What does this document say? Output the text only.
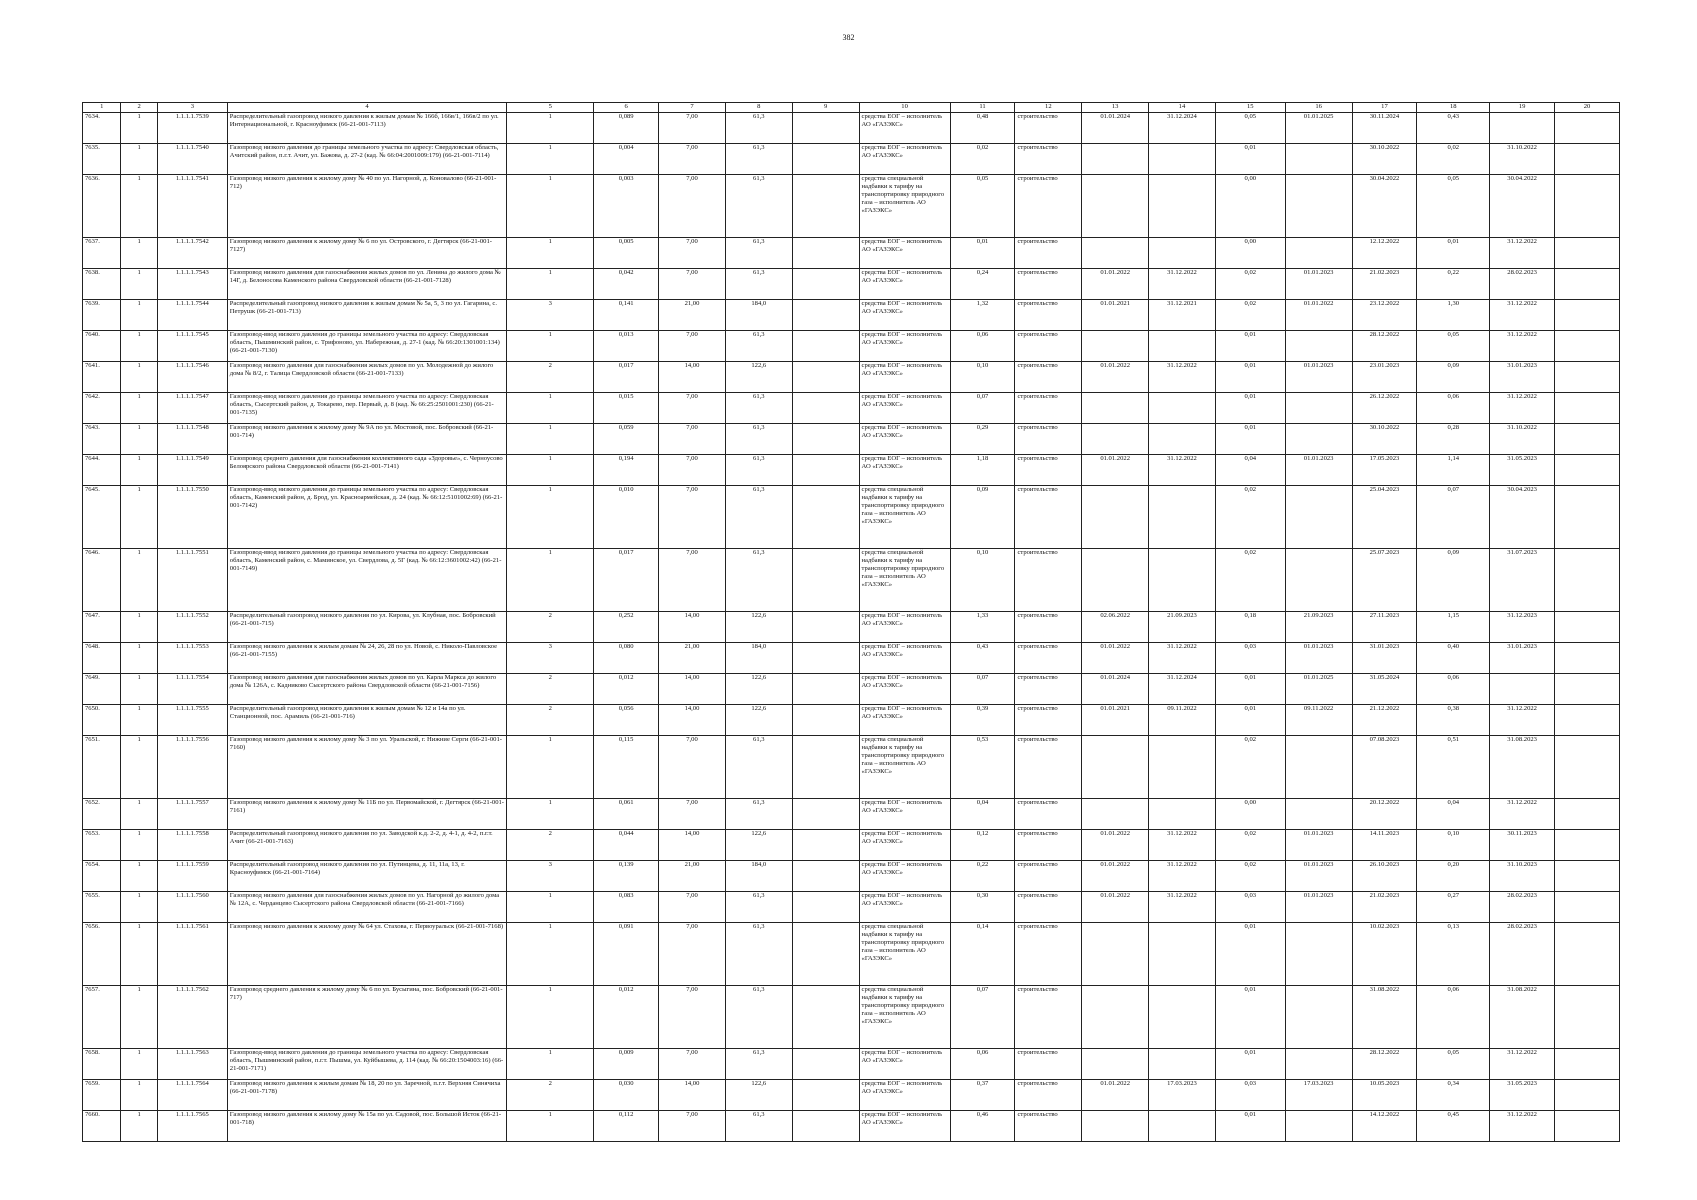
382
1	2	3	4	5	6	7	8	9	10	11	12	13	14	15	16	17	18	19	20
7634.	1	1.1.1.1.7539	Распределительный газопровод низкого давления к жилым домам № 166б, 166в/1, 166в/2 по ул. Интернациональной, г. Красноуфимск (66-21-001-7113)	1	0,089	7,00	61,3		средства ЕОГ – исполнитель АО «ГАЗЭКС»	0,48	строительство	01.01.2024	31.12.2024	0,05	01.01.2025	30.11.2024	0,43		
7635.	1	1.1.1.1.7540	Газопровод низкого давления до границы земельного участка по адресу: Свердловская область, Ачитский район, п.г.т. Ачит, ул. Бажова, д. 27-2 (кад. № 66:04:2001009:179) (66-21-001-7114)	1	0,004	7,00	61,3		средства ЕОГ – исполнитель АО «ГАЗЭКС»	0,02	строительство			0,01		30.10.2022	0,02	31.10.2022	
7636.	1	1.1.1.1.7541	Газопровод низкого давления к жилому дому № 40 по ул. Нагорной, д. Коновалово (66-21-001-712)	1	0,003	7,00	61,3		средства специальной надбавки к тарифу на транспортировку природного газа – исполнитель АО «ГАЗЭКС»	0,05	строительство			0,00		30.04.2022	0,05	30.04.2022	
7637.	1	1.1.1.1.7542	Газопровод низкого давления к жилому дому № 6 по ул. Островского, г. Дегтярск (66-21-001-7127)	1	0,005	7,00	61,3		средства ЕОГ – исполнитель АО «ГАЗЭКС»	0,01	строительство			0,00		12.12.2022	0,01	31.12.2022	
7638.	1	1.1.1.1.7543	Газопровод низкого давления для газоснабжения жилых домов по ул. Ленина до жилого дома № 14Г, д. Белоносова Каменского района Свердловской области (66-21-001-7128)	1	0,042	7,00	61,3		средства ЕОГ – исполнитель АО «ГАЗЭКС»	0,24	строительство	01.01.2022	31.12.2022	0,02	01.01.2023	21.02.2023	0,22	28.02.2023	
7639.	1	1.1.1.1.7544	Распределительный газопровод низкого давления к жилым домам № 5а, 5, 3 по ул. Гагарина, с. Петрушк (66-21-001-713)	3	0,141	21,00	184,0		средства ЕОГ – исполнитель АО «ГАЗЭКС»	1,32	строительство	01.01.2021	31.12.2021	0,02	01.01.2022	23.12.2022	1,30	31.12.2022	
7640.	1	1.1.1.1.7545	Газопровод-ввод низкого давления до границы земельного участка по адресу: Свердловская область, Пышминский район, с. Трифоново, ул. Набережная, д. 27-1 (кад. № 66:20:1301001:134) (66-21-001-7130)	1	0,013	7,00	61,3		средства ЕОГ – исполнитель АО «ГАЗЭКС»	0,06	строительство			0,01		28.12.2022	0,05	31.12.2022	
7641.	1	1.1.1.1.7546	Газопровод низкого давления для газоснабжения жилых домов по ул. Молодежной до жилого дома № 8/2, г. Талица Свердловской области (66-21-001-7133)	2	0,017	14,00	122,6		средства ЕОГ – исполнитель АО «ГАЗЭКС»	0,10	строительство	01.01.2022	31.12.2022	0,01	01.01.2023	23.01.2023	0,09	31.01.2023	
7642.	1	1.1.1.1.7547	Газопровод-ввод низкого давления до границы земельного участка по адресу: Свердловская область, Сысертский район, д. Токарево, пер. Первый, д. 8 (кад. № 66:25:2501001:230) (66-21-001-7135)	1	0,015	7,00	61,3		средства ЕОГ – исполнитель АО «ГАЗЭКС»	0,07	строительство			0,01		26.12.2022	0,06	31.12.2022	
7643.	1	1.1.1.1.7548	Газопровод низкого давления к жилому дому № 9А по ул. Мостовой, пос. Бобровский (66-21-001-714)	1	0,059	7,00	61,3		средства ЕОГ – исполнитель АО «ГАЗЭКС»	0,29	строительство			0,01		30.10.2022	0,28	31.10.2022	
7644.	1	1.1.1.1.7549	Газопровод среднего давления для газоснабжения коллективного сада «Здоровье», с. Черноусово Белоярского района Свердловской области (66-21-001-7141)	1	0,194	7,00	61,3		средства ЕОГ – исполнитель АО «ГАЗЭКС»	1,18	строительство	01.01.2022	31.12.2022	0,04	01.01.2023	17.05.2023	1,14	31.05.2023	
7645.	1	1.1.1.1.7550	Газопровод-ввод низкого давления до границы земельного участка по адресу: Свердловская область, Каменский район, д. Брод, ул. Красноармейская, д. 24 (кад. № 66:12:5101002:69) (66-21-001-7142)	1	0,010	7,00	61,3		средства специальной надбавки к тарифу на транспортировку природного газа – исполнитель АО «ГАЗЭКС»	0,09	строительство			0,02		25.04.2023	0,07	30.04.2023	
7646.	1	1.1.1.1.7551	Газопровод-ввод низкого давления до границы земельного участка по адресу: Свердловская область, Каменский район, с. Маминское, ул. Свердлова, д. 5Г (кад. № 66:12:3601002:42) (66-21-001-7149)	1	0,017	7,00	61,3		средства специальной надбавки к тарифу на транспортировку природного газа – исполнитель АО «ГАЗЭКС»	0,10	строительство			0,02		25.07.2023	0,09	31.07.2023	
7647.	1	1.1.1.1.7552	Распределительный газопровод низкого давления по ул. Кирова, ул. Клубная, пос. Бобровский (66-21-001-715)	2	0,252	14,00	122,6		средства ЕОГ – исполнитель АО «ГАЗЭКС»	1,33	строительство	02.06.2022	21.09.2023	0,18	21.09.2023	27.11.2023	1,15	31.12.2023	
7648.	1	1.1.1.1.7553	Газопровод низкого давления к жилым домам № 24, 26, 28 по ул. Новой, с. Николо-Павловское (66-21-001-7155)	3	0,080	21,00	184,0		средства ЕОГ – исполнитель АО «ГАЗЭКС»	0,43	строительство	01.01.2022	31.12.2022	0,03	01.01.2023	31.01.2023	0,40	31.01.2023	
7649.	1	1.1.1.1.7554	Газопровод низкого давления для газоснабжения жилых домов по ул. Карла Маркса до жилого дома № 126А, с. Кадниково Сысертского района Свердловской области (66-21-001-7156)	2	0,012	14,00	122,6		средства ЕОГ – исполнитель АО «ГАЗЭКС»	0,07	строительство	01.01.2024	31.12.2024	0,01	01.01.2025	31.05.2024	0,06		
7650.	1	1.1.1.1.7555	Распределительный газопровод низкого давления к жилым домам № 12 и 14а по ул. Станционной, пос. Арамиль (66-21-001-716)	2	0,056	14,00	122,6		средства ЕОГ – исполнитель АО «ГАЗЭКС»	0,39	строительство	01.01.2021	09.11.2022	0,01	09.11.2022	21.12.2022	0,38	31.12.2022	
7651.	1	1.1.1.1.7556	Газопровод низкого давления к жилому дому № 3 по ул. Уральской, г. Нижние Серги (66-21-001-7160)	1	0,115	7,00	61,3		средства специальной надбавки к тарифу на транспортировку природного газа – исполнитель АО «ГАЗЭКС»	0,53	строительство			0,02		07.08.2023	0,51	31.08.2023	
7652.	1	1.1.1.1.7557	Газопровод низкого давления к жилому дому № 11Б по ул. Первомайской, г. Дегтярск (66-21-001-7161)	1	0,061	7,00	61,3		средства ЕОГ – исполнитель АО «ГАЗЭКС»	0,04	строительство			0,00		20.12.2022	0,04	31.12.2022	
7653.	1	1.1.1.1.7558	Распределительный газопровод низкого давления по ул. Заводской к.д. 2-2, д. 4-1, д. 4-2, п.г.т. Ачит (66-21-001-7163)	2	0,044	14,00	122,6		средства ЕОГ – исполнитель АО «ГАЗЭКС»	0,12	строительство	01.01.2022	31.12.2022	0,02	01.01.2023	14.11.2023	0,10	30.11.2023	
7654.	1	1.1.1.1.7559	Распределительный газопровод низкого давления по ул. Путинцева, д. 11, 11а, 13, г. Красноуфимск (66-21-001-7164)	3	0,139	21,00	184,0		средства ЕОГ – исполнитель АО «ГАЗЭКС»	0,22	строительство	01.01.2022	31.12.2022	0,02	01.01.2023	26.10.2023	0,20	31.10.2023	
7655.	1	1.1.1.1.7560	Газопровод низкого давления для газоснабжения жилых домов по ул. Нагорной до жилого дома № 12А, с. Черданцево Сысертского района Свердловской области (66-21-001-7166)	1	0,083	7,00	61,3		средства ЕОГ – исполнитель АО «ГАЗЭКС»	0,30	строительство	01.01.2022	31.12.2022	0,03	01.01.2023	21.02.2023	0,27	28.02.2023	
7656.	1	1.1.1.1.7561	Газопровод низкого давления к жилому дому № 64 ул. Стахова, г. Первоуральск (66-21-001-7168)	1	0,091	7,00	61,3		средства специальной надбавки к тарифу на транспортировку природного газа – исполнитель АО «ГАЗЭКС»	0,14	строительство			0,01		10.02.2023	0,13	28.02.2023	
7657.	1	1.1.1.1.7562	Газопровод среднего давления к жилому дому № 6 по ул. Бусыгина, пос. Бобровский (66-21-001-717)	1	0,012	7,00	61,3		средства специальной надбавки к тарифу на транспортировку природного газа – исполнитель АО «ГАЗЭКС»	0,07	строительство			0,01		31.08.2022	0,06	31.08.2022	
7658.	1	1.1.1.1.7563	Газопровод-ввод низкого давления до границы земельного участка по адресу: Свердловская область, Пышминский район, п.г.т. Пышма, ул. Куйбышева, д. 114 (кад. № 66:20:1504003:16) (66-21-001-7171)	1	0,009	7,00	61,3		средства ЕОГ – исполнитель АО «ГАЗЭКС»	0,06	строительство			0,01		28.12.2022	0,05	31.12.2022	
7659.	1	1.1.1.1.7564	Газопровод низкого давления к жилым домам № 18, 20 по ул. Заречной, п.г.т. Верхняя Синячиха (66-21-001-7178)	2	0,030	14,00	122,6		средства ЕОГ – исполнитель АО «ГАЗЭКС»	0,37	строительство	01.01.2022	17.03.2023	0,03	17.03.2023	10.05.2023	0,34	31.05.2023	
7660.	1	1.1.1.1.7565	Газопровод низкого давления к жилому дому № 15а по ул. Садовой, пос. Большой Исток (66-21-001-718)	1	0,112	7,00	61,3		средства ЕОГ – исполнитель АО «ГАЗЭКС»	0,46	строительство			0,01		14.12.2022	0,45	31.12.2022	
